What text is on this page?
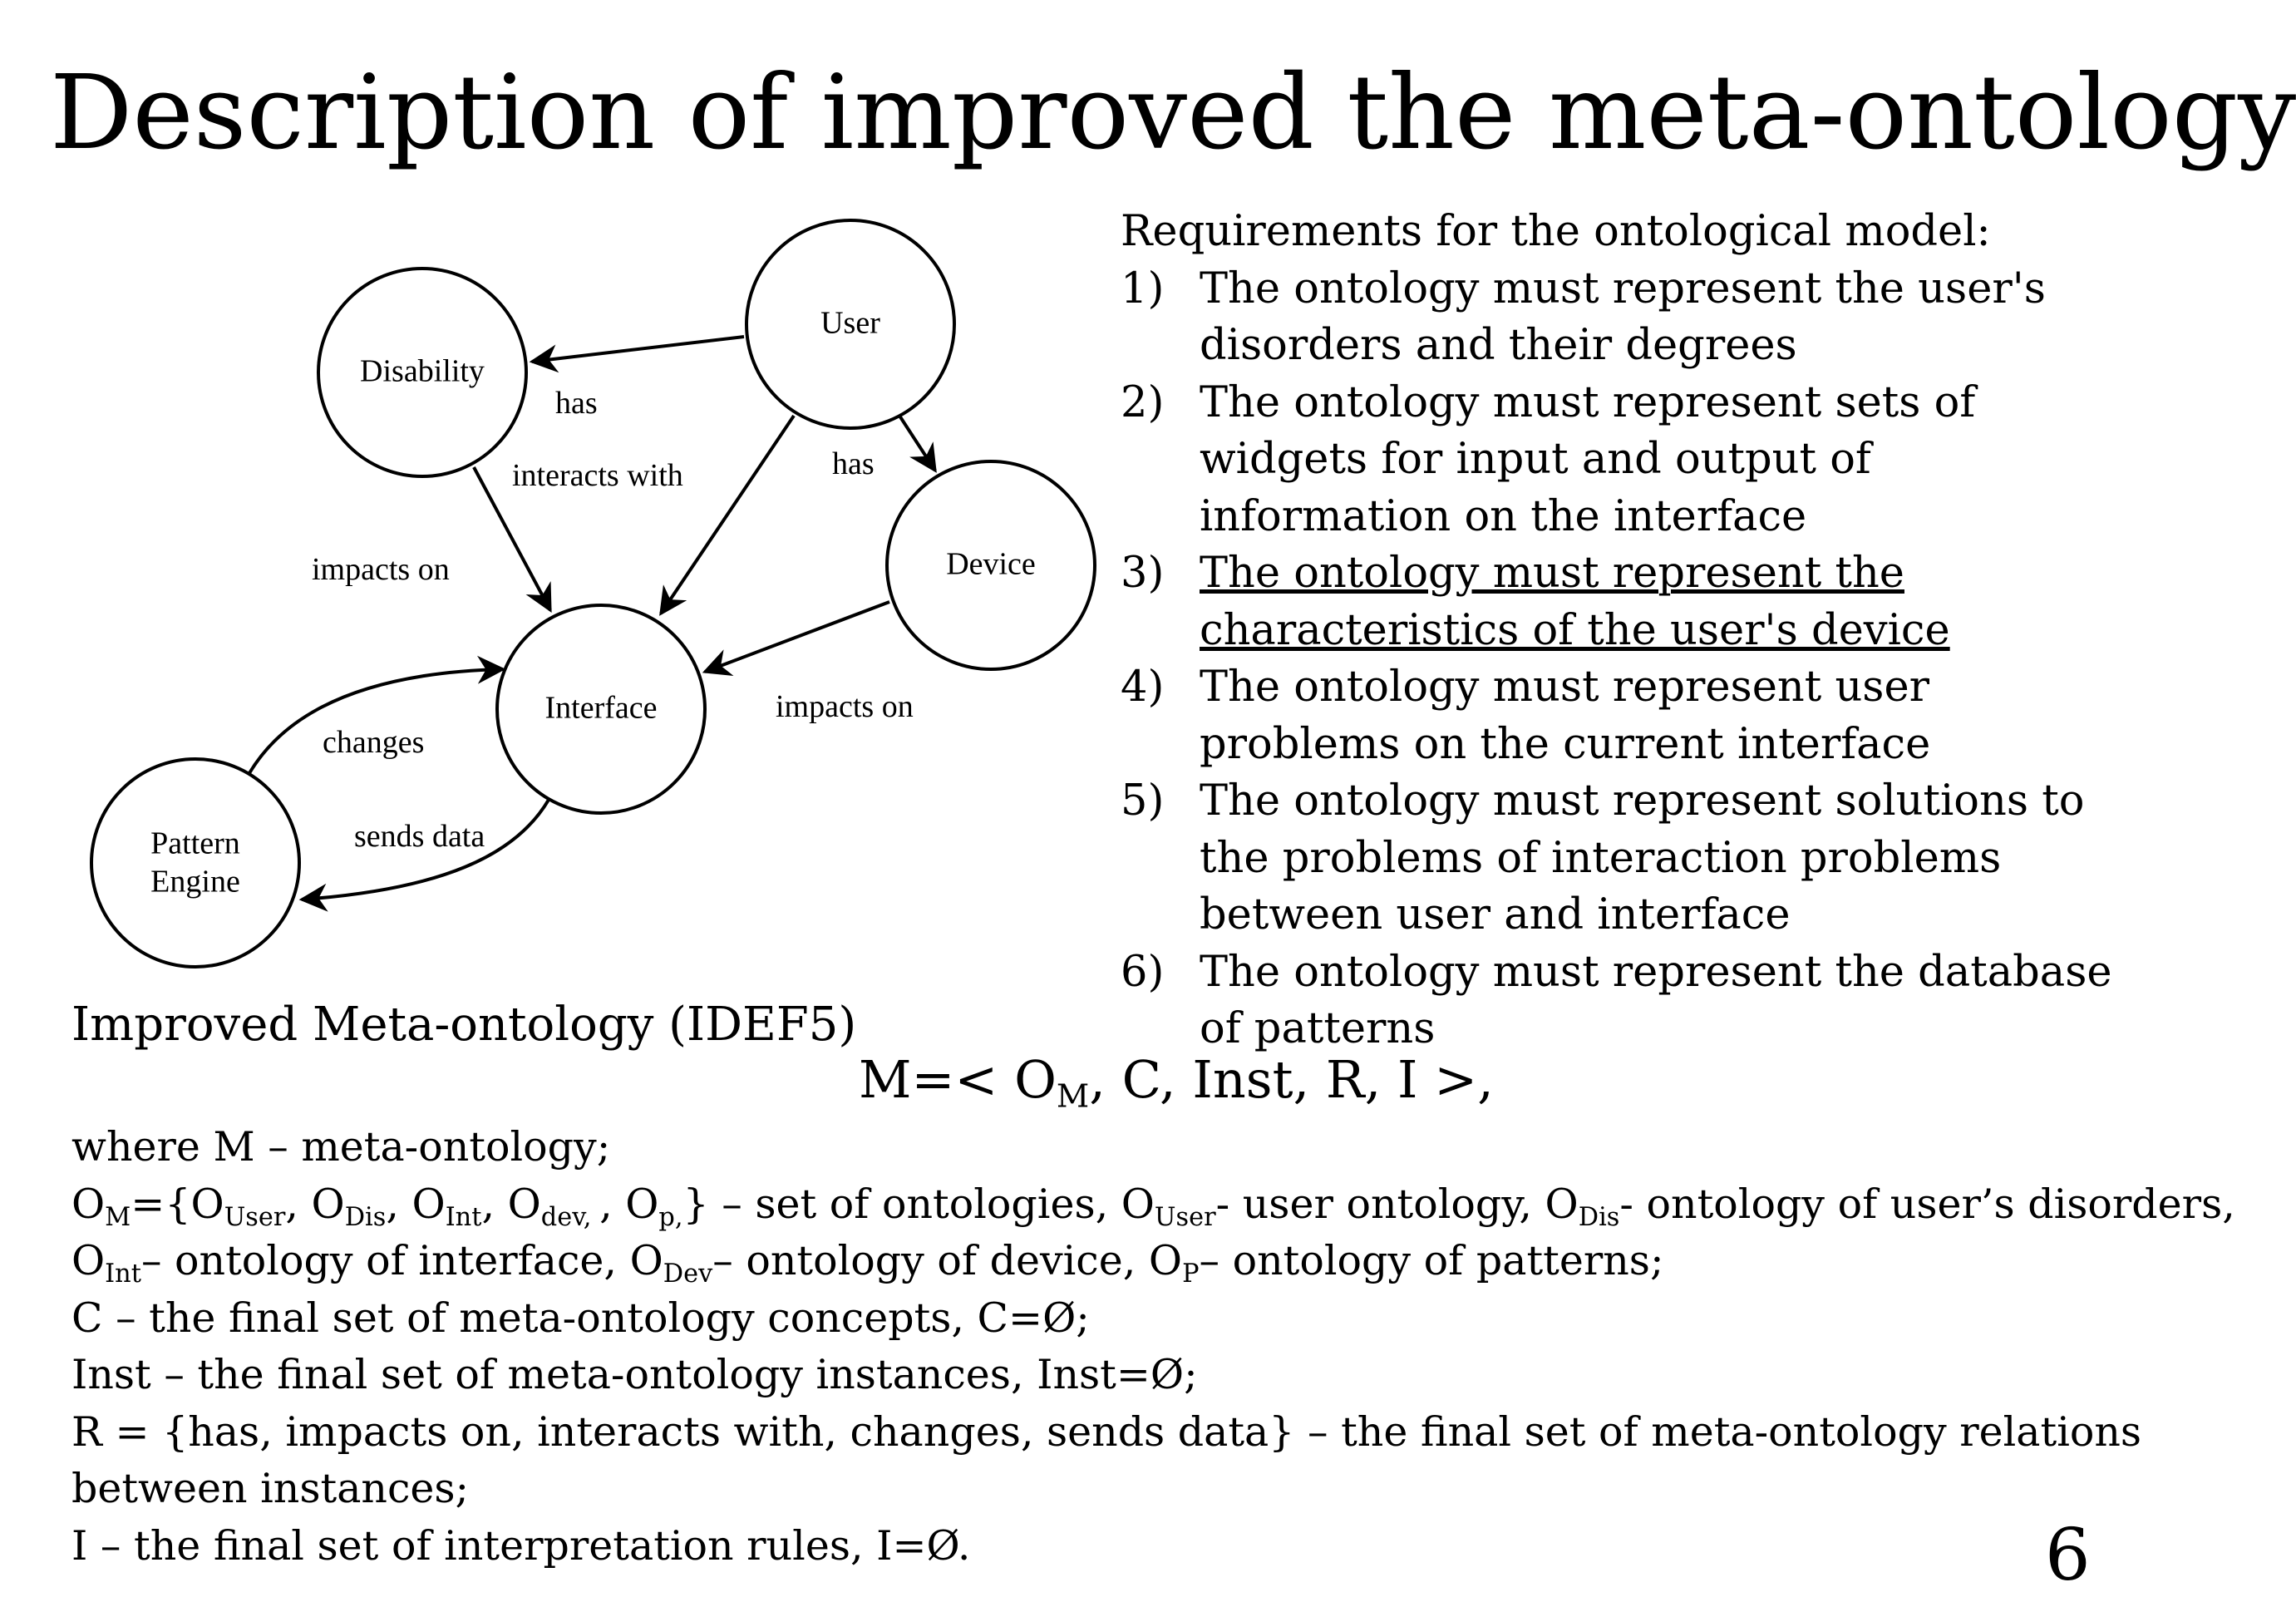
Description of improved the meta-ontology
User
Disability
Device
Interface
Pattern
Engine
has
has
interacts with
impacts on
impacts on
changes
sends data
Requirements for the ontological model:
1) The ontology must represent the user's disorders and their degrees
2) The ontology must represent sets of widgets for input and output of information on the interface
3) The ontology must represent the characteristics of the user's device
4) The ontology must represent user problems on the current interface
5) The ontology must represent solutions to the problems of interaction problems between user and interface
6) The ontology must represent the database of patterns
Improved Meta-ontology (IDEF5)
$M=< O_M$, C, Inst, R, I >,

where M – meta-ontology;

$O_M=\{O_{User}$, $O_{Dis}$, $O_{Int}$, $O_{dev,}$ , $O_{p,}$} – set of ontologies, $O_{User}-$ user ontology, $O_{Dis}-$ ontology of user’s disorders,

$O_{Int}-$ ontology of interface, $O_{Dev}-$ ontology of device, $O_P-$ ontology of patterns;

C – the final set of meta-ontology concepts, C=Ø;

Inst – the final set of meta-ontology instances, Inst=Ø;

R = {has, impacts on, interacts with, changes, sends data} – the final set of meta-ontology relations

between instances;

I – the final set of interpretation rules, I=Ø.	6
